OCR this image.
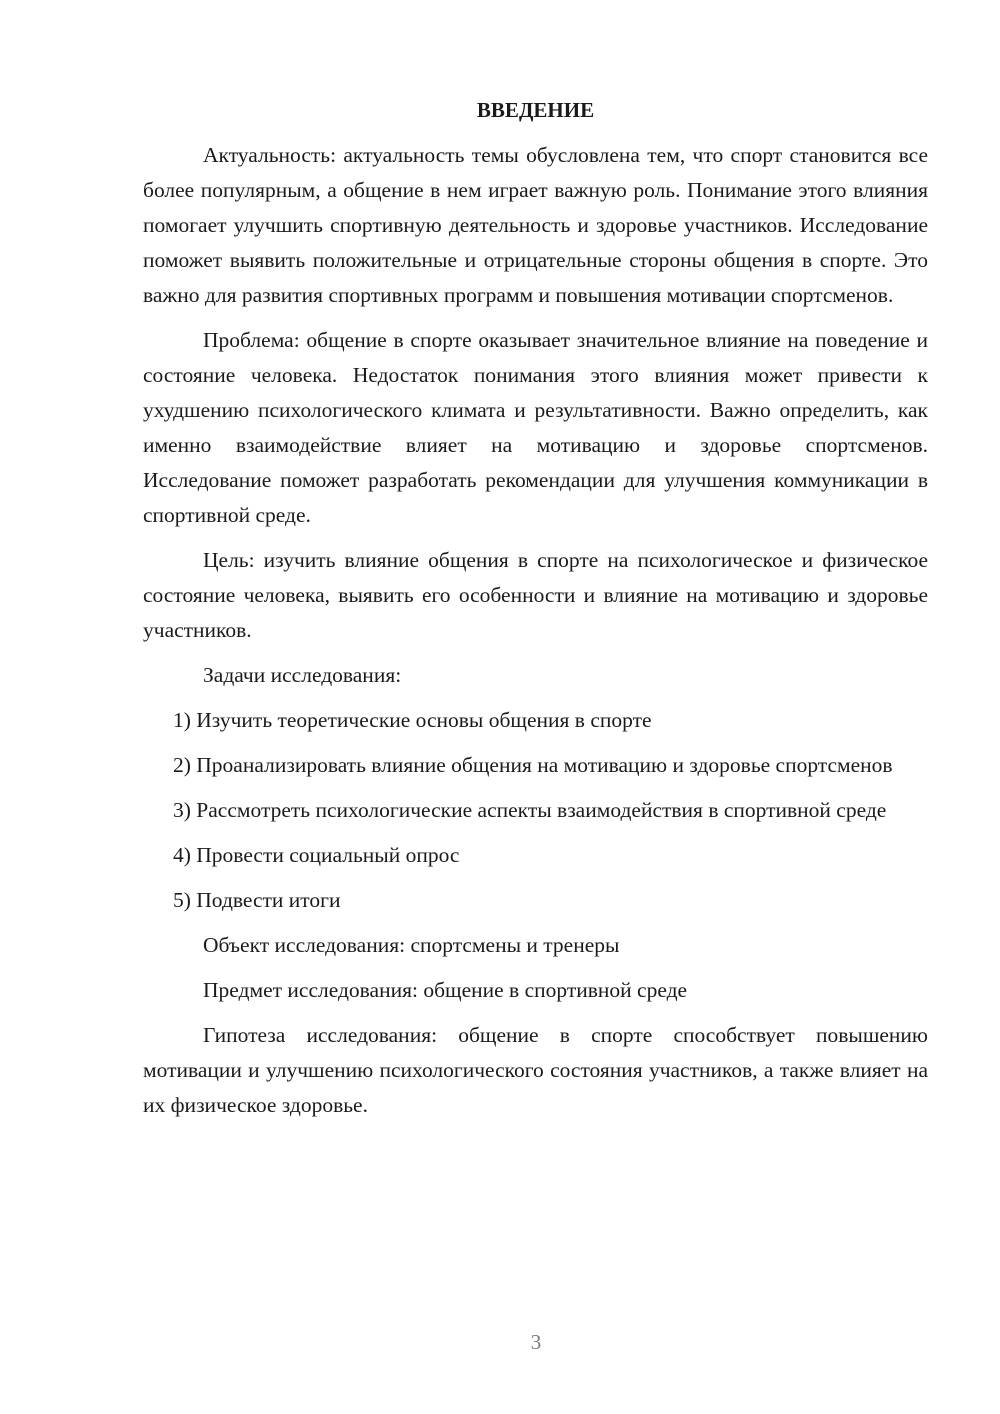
ВВЕДЕНИЕ

Актуальность: актуальность темы обусловлена тем, что спорт становится все более популярным, а общение в нем играет важную роль. Понимание этого влияния помогает улучшить спортивную деятельность и здоровье участников. Исследование поможет выявить положительные и отрицательные стороны общения в спорте. Это важно для развития спортивных программ и повышения мотивации спортсменов.

Проблема: общение в спорте оказывает значительное влияние на поведение и состояние человека. Недостаток понимания этого влияния может привести к ухудшению психологического климата и результативности. Важно определить, как именно взаимодействие влияет на мотивацию и здоровье спортсменов. Исследование поможет разработать рекомендации для улучшения коммуникации в спортивной среде.

Цель: изучить влияние общения в спорте на психологическое и физическое состояние человека, выявить его особенности и влияние на мотивацию и здоровье участников.

Задачи исследования:

1) Изучить теоретические основы общения в спорте

2) Проанализировать влияние общения на мотивацию и здоровье спортсменов

3) Рассмотреть психологические аспекты взаимодействия в спортивной среде

4) Провести социальный опрос

5) Подвести итоги

Объект исследования: спортсмены и тренеры

Предмет исследования: общение в спортивной среде

Гипотеза исследования: общение в спорте способствует повышению мотивации и улучшению психологического состояния участников, а также влияет на их физическое здоровье.

3
